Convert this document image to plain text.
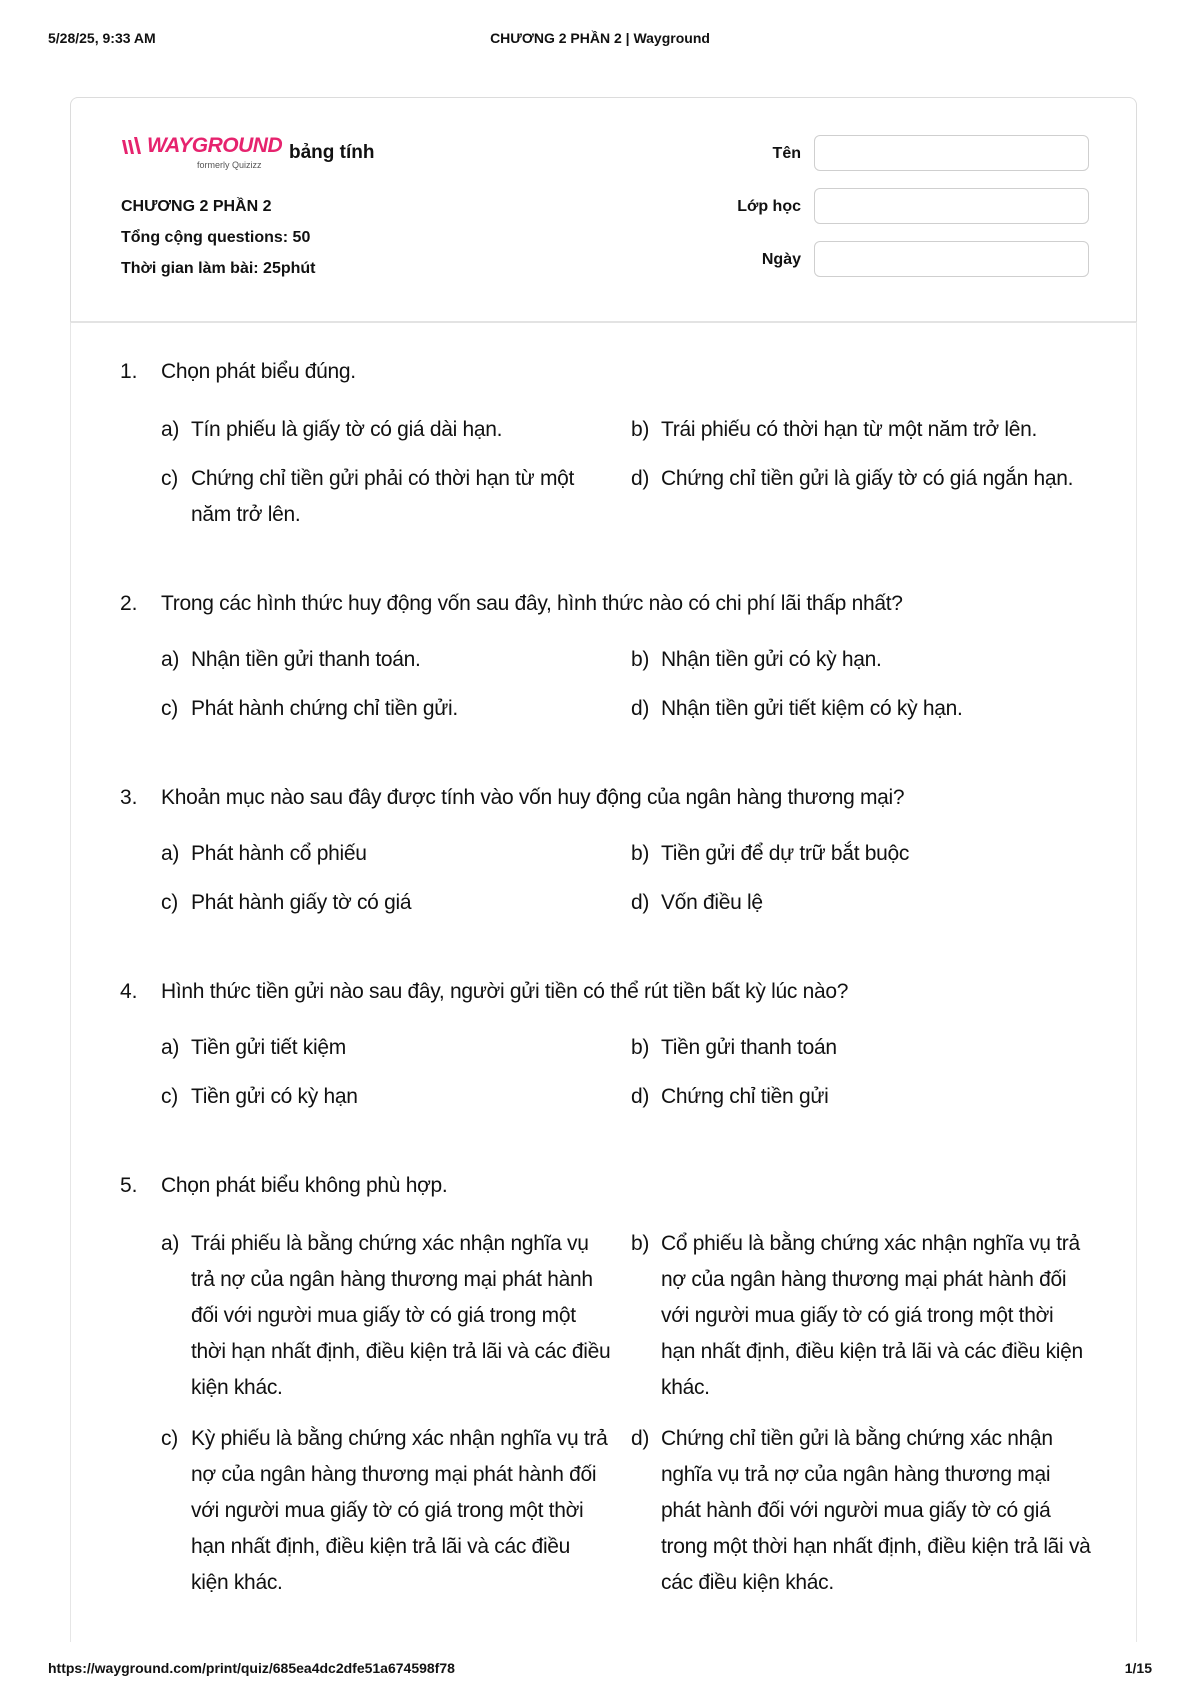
5/28/25, 9:33 AM	CHƯƠNG 2 PHẦN 2 | Wayground
WAYGROUND
formerly Quizizz
bảng tính
CHƯƠNG 2 PHẦN 2
Tổng cộng questions: 50
Thời gian làm bài: 25phút
Tên
Lớp học
Ngày
1. Chọn phát biểu đúng.
a) Tín phiếu là giấy tờ có giá dài hạn.	b) Trái phiếu có thời hạn từ một năm trở lên.
c) Chứng chỉ tiền gửi phải có thời hạn từ một năm trở lên.
d) Chứng chỉ tiền gửi là giấy tờ có giá ngắn hạn.
2. Trong các hình thức huy động vốn sau đây, hình thức nào có chi phí lãi thấp nhất?
a) Nhận tiền gửi thanh toán.	b) Nhận tiền gửi có kỳ hạn.
c) Phát hành chứng chỉ tiền gửi.	d) Nhận tiền gửi tiết kiệm có kỳ hạn.
3. Khoản mục nào sau đây được tính vào vốn huy động của ngân hàng thương mại?
a) Phát hành cổ phiếu	b) Tiền gửi để dự trữ bắt buộc
c) Phát hành giấy tờ có giá	d) Vốn điều lệ
4. Hình thức tiền gửi nào sau đây, người gửi tiền có thể rút tiền bất kỳ lúc nào?
a) Tiền gửi tiết kiệm	b) Tiền gửi thanh toán
c) Tiền gửi có kỳ hạn	d) Chứng chỉ tiền gửi
5. Chọn phát biểu không phù hợp.
a) Trái phiếu là bằng chứng xác nhận nghĩa vụ trả nợ của ngân hàng thương mại phát hành đối với người mua giấy tờ có giá trong một thời hạn nhất định, điều kiện trả lãi và các điều kiện khác.
b) Cổ phiếu là bằng chứng xác nhận nghĩa vụ trả nợ của ngân hàng thương mại phát hành đối với người mua giấy tờ có giá trong một thời hạn nhất định, điều kiện trả lãi và các điều kiện khác.
c) Kỳ phiếu là bằng chứng xác nhận nghĩa vụ trả nợ của ngân hàng thương mại phát hành đối với người mua giấy tờ có giá trong một thời hạn nhất định, điều kiện trả lãi và các điều kiện khác.
d) Chứng chỉ tiền gửi là bằng chứng xác nhận nghĩa vụ trả nợ của ngân hàng thương mại phát hành đối với người mua giấy tờ có giá trong một thời hạn nhất định, điều kiện trả lãi và các điều kiện khác.
https://wayground.com/print/quiz/685ea4dc2dfe51a674598f78	1/15
